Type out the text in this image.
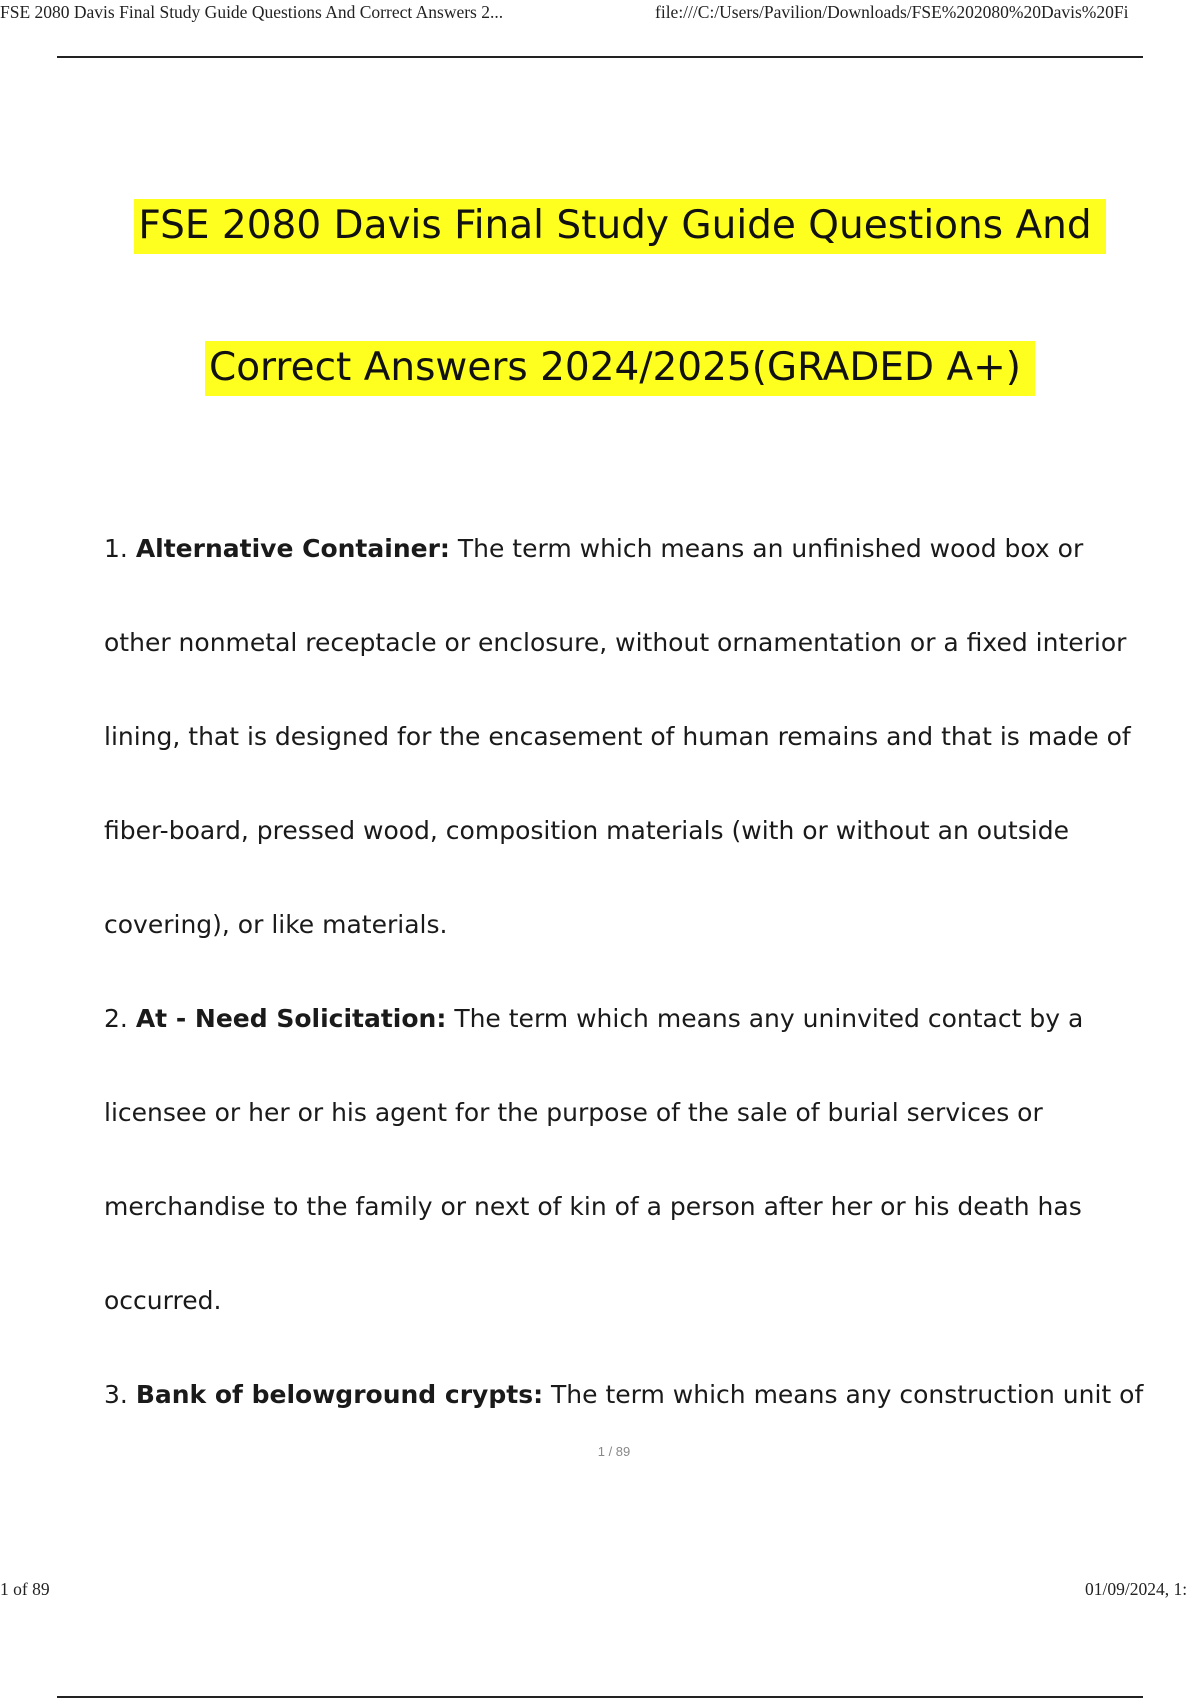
FSE 2080 Davis Final Study Guide Questions And Correct Answers 2...	file:///C:/Users/Pavilion/Downloads/FSE%202080%20Davis%20Fi
FSE 2080 Davis Final Study Guide Questions And
Correct Answers 2024/2025(GRADED A+)

1. Alternative Container: The term which means an unfinished wood box or other nonmetal receptacle or enclosure, without ornamentation or a fixed interior lining, that is designed for the encasement of human remains and that is made of fiber-board, pressed wood, composition materials (with or without an outside covering), or like materials.

2. At - Need Solicitation: The term which means any uninvited contact by a licensee or her or his agent for the purpose of the sale of burial services or merchandise to the family or next of kin of a person after her or his death has occurred.

3. Bank of belowground crypts: The term which means any construction unit of

1 / 89
1 of 89	01/09/2024, 1:
